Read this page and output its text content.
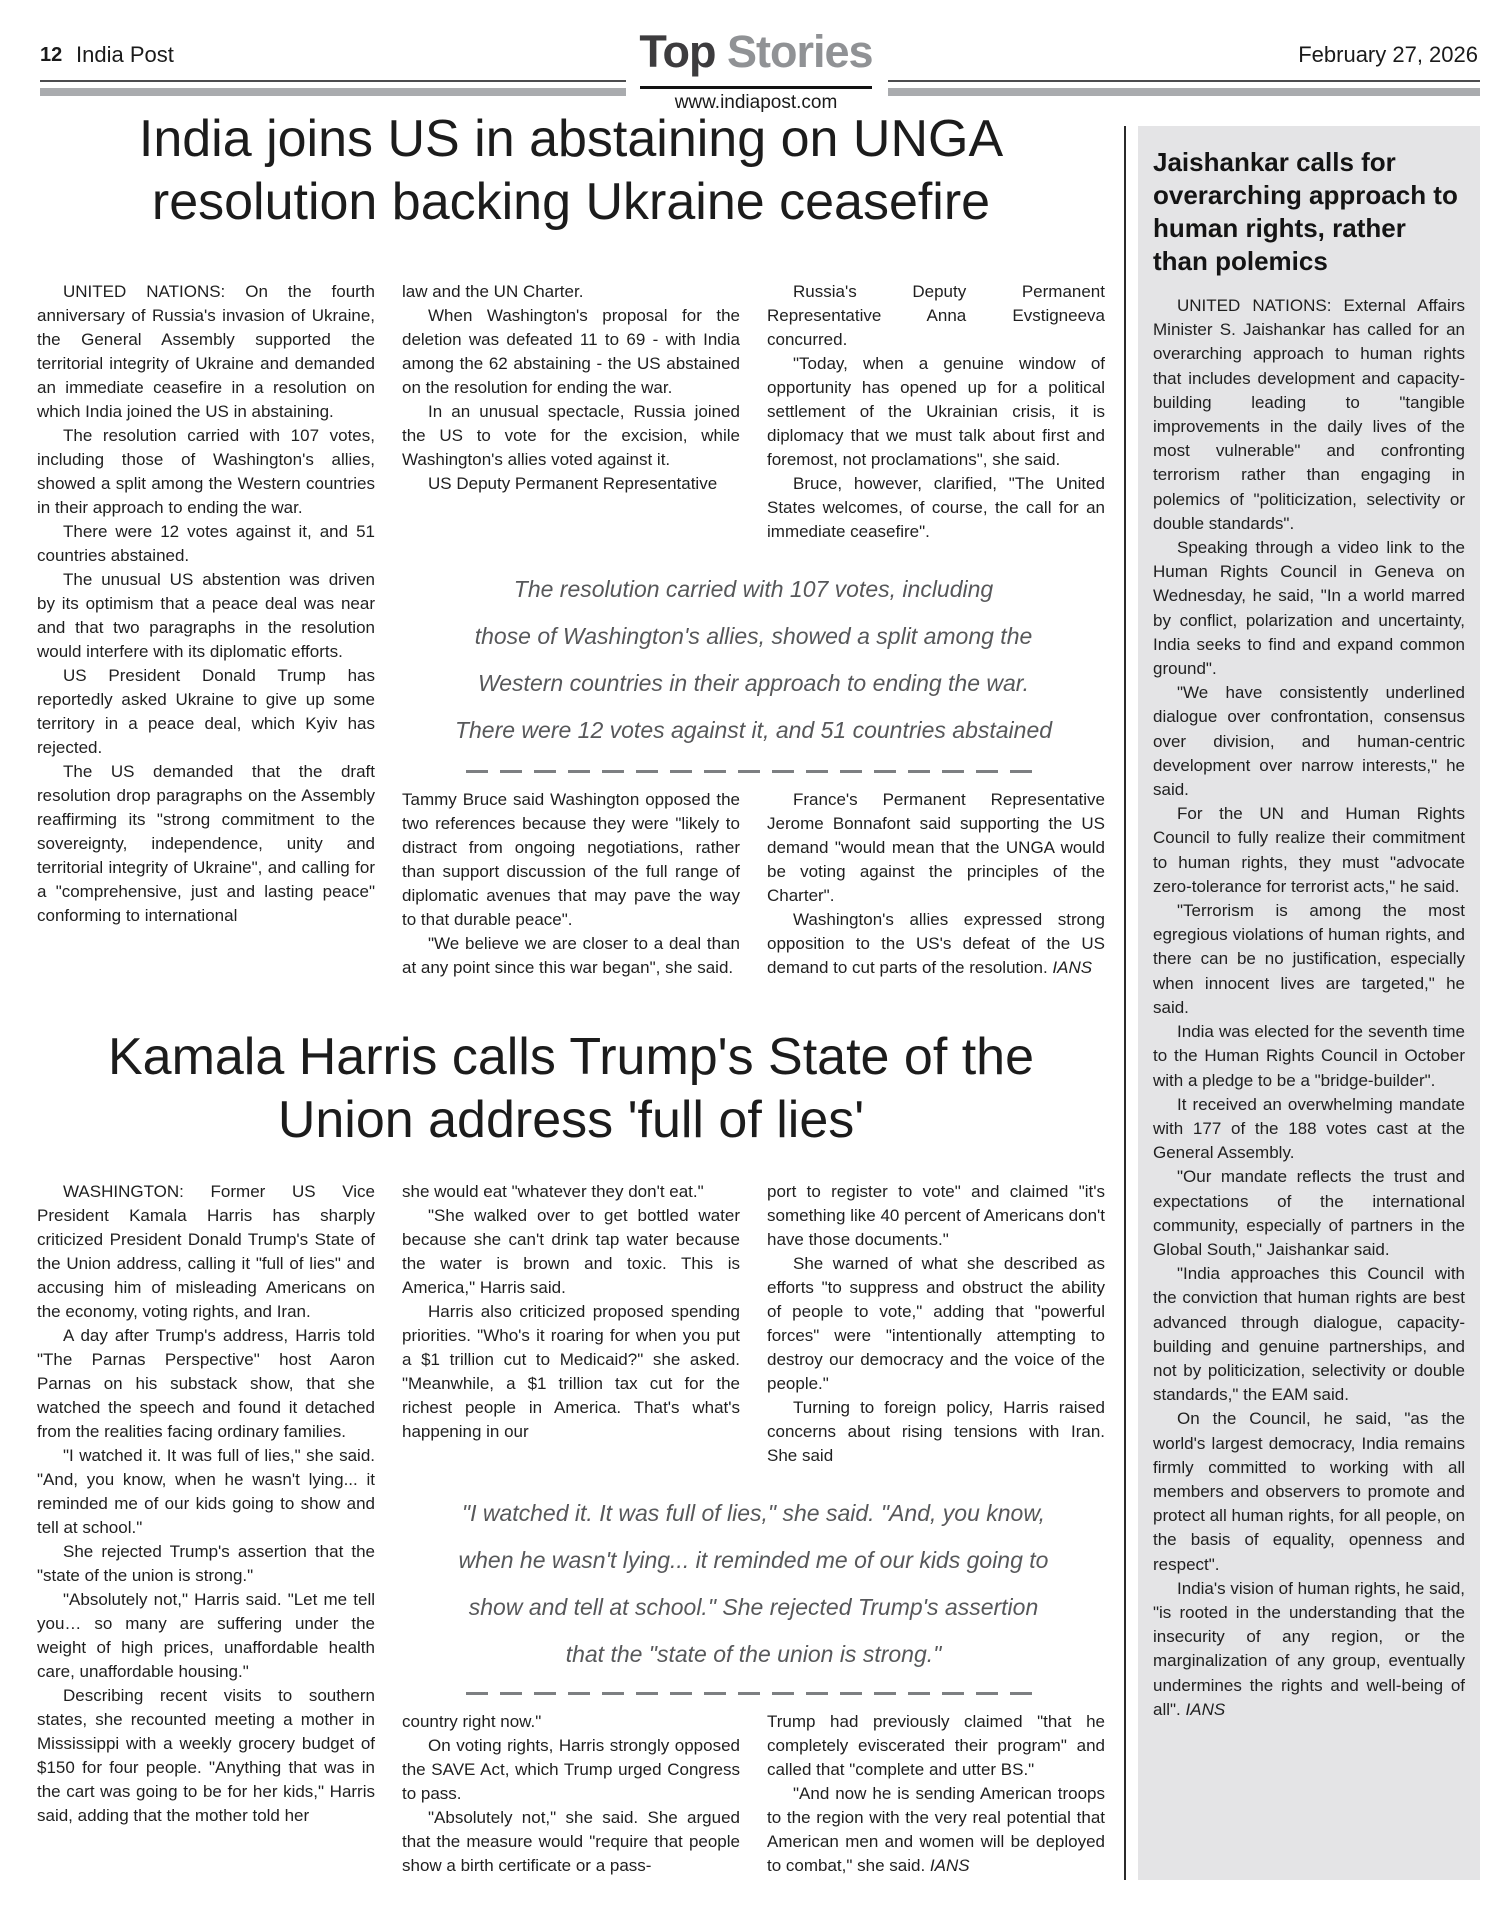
12 India Post	February 27, 2026
Top Stories
www.indiapost.com
India joins US in abstaining on UNGA
resolution backing Ukraine ceasefire

UNITED NATIONS: On the fourth anniversary of Russia's invasion of Ukraine, the General Assembly supported the territorial integrity of Ukraine and demanded an immediate ceasefire in a resolution on which India joined the US in abstaining.

The resolution carried with 107 votes, including those of Washington's allies, showed a split among the Western countries in their approach to ending the war.

There were 12 votes against it, and 51 countries abstained.

The unusual US abstention was driven by its optimism that a peace deal was near and that two paragraphs in the resolution would interfere with its diplomatic efforts.

US President Donald Trump has reportedly asked Ukraine to give up some territory in a peace deal, which Kyiv has rejected.

The US demanded that the draft resolution drop paragraphs on the Assembly reaffirming its "strong commitment to the sovereignty, independence, unity and territorial integrity of Ukraine", and calling for a "comprehensive, just and lasting peace" conforming to international

law and the UN Charter.

When Washington's proposal for the deletion was defeated 11 to 69 - with India among the 62 abstaining - the US abstained on the resolution for ending the war.

In an unusual spectacle, Russia joined the US to vote for the excision, while Washington's allies voted against it.

US Deputy Permanent Representative

Russia's Deputy Permanent Representative Anna Evstigneeva concurred.

"Today, when a genuine window of opportunity has opened up for a political settlement of the Ukrainian crisis, it is diplomacy that we must talk about first and foremost, not proclamations", she said.

Bruce, however, clarified, "The United States welcomes, of course, the call for an immediate ceasefire".

The resolution carried with 107 votes, including
those of Washington's allies, showed a split among the
Western countries in their approach to ending the war.
There were 12 votes against it, and 51 countries abstained

Tammy Bruce said Washington opposed the two references because they were "likely to distract from ongoing negotiations, rather than support discussion of the full range of diplomatic avenues that may pave the way to that durable peace".

"We believe we are closer to a deal than at any point since this war began", she said.

France's Permanent Representative Jerome Bonnafont said supporting the US demand "would mean that the UNGA would be voting against the principles of the Charter".

Washington's allies expressed strong opposition to the US's defeat of the US demand to cut parts of the resolution. IANS

Kamala Harris calls Trump's State of the
Union address 'full of lies'

WASHINGTON: Former US Vice President Kamala Harris has sharply criticized President Donald Trump's State of the Union address, calling it "full of lies" and accusing him of misleading Americans on the economy, voting rights, and Iran.

A day after Trump's address, Harris told "The Parnas Perspective" host Aaron Parnas on his substack show, that she watched the speech and found it detached from the realities facing ordinary families.

"I watched it. It was full of lies," she said. "And, you know, when he wasn't lying... it reminded me of our kids going to show and tell at school."

She rejected Trump's assertion that the "state of the union is strong."

"Absolutely not," Harris said. "Let me tell you… so many are suffering under the weight of high prices, unaffordable health care, unaffordable housing."

Describing recent visits to southern states, she recounted meeting a mother in Mississippi with a weekly grocery budget of $150 for four people. "Anything that was in the cart was going to be for her kids," Harris said, adding that the mother told her

she would eat "whatever they don't eat."

"She walked over to get bottled water because she can't drink tap water because the water is brown and toxic. This is America," Harris said.

Harris also criticized proposed spending priorities. "Who's it roaring for when you put a $1 trillion cut to Medicaid?" she asked. "Meanwhile, a $1 trillion tax cut for the richest people in America. That's what's happening in our

port to register to vote" and claimed "it's something like 40 percent of Americans don't have those documents."

She warned of what she described as efforts "to suppress and obstruct the ability of people to vote," adding that "powerful forces" were "intentionally attempting to destroy our democracy and the voice of the people."

Turning to foreign policy, Harris raised concerns about rising tensions with Iran. She said

"I watched it. It was full of lies," she said. "And, you know,
when he wasn't lying... it reminded me of our kids going to
show and tell at school." She rejected Trump's assertion
that the "state of the union is strong."

country right now."

On voting rights, Harris strongly opposed the SAVE Act, which Trump urged Congress to pass.

"Absolutely not," she said. She argued that the measure would "require that people show a birth certificate or a pass-

Trump had previously claimed "that he completely eviscerated their program" and called that "complete and utter BS."

"And now he is sending American troops to the region with the very real potential that American men and women will be deployed to combat," she said. IANS

Jaishankar calls for overarching approach to human rights, rather than polemics

UNITED NATIONS: External Affairs Minister S. Jaishankar has called for an overarching approach to human rights that includes development and capacity-building leading to "tangible improvements in the daily lives of the most vulnerable" and confronting terrorism rather than engaging in polemics of "politicization, selectivity or double standards".

Speaking through a video link to the Human Rights Council in Geneva on Wednesday, he said, "In a world marred by conflict, polarization and uncertainty, India seeks to find and expand common ground".

"We have consistently underlined dialogue over confrontation, consensus over division, and human-centric development over narrow interests," he said.

For the UN and Human Rights Council to fully realize their commitment to human rights, they must "advocate zero-tolerance for terrorist acts," he said.

"Terrorism is among the most egregious violations of human rights, and there can be no justification, especially when innocent lives are targeted," he said.

India was elected for the seventh time to the Human Rights Council in October with a pledge to be a "bridge-builder".

It received an overwhelming mandate with 177 of the 188 votes cast at the General Assembly.

"Our mandate reflects the trust and expectations of the international community, especially of partners in the Global South," Jaishankar said.

"India approaches this Council with the conviction that human rights are best advanced through dialogue, capacity-building and genuine partnerships, and not by politicization, selectivity or double standards," the EAM said.

On the Council, he said, "as the world's largest democracy, India remains firmly committed to working with all members and observers to promote and protect all human rights, for all people, on the basis of equality, openness and respect".

India's vision of human rights, he said, "is rooted in the understanding that the insecurity of any region, or the marginalization of any group, eventually undermines the rights and well-being of all". IANS
